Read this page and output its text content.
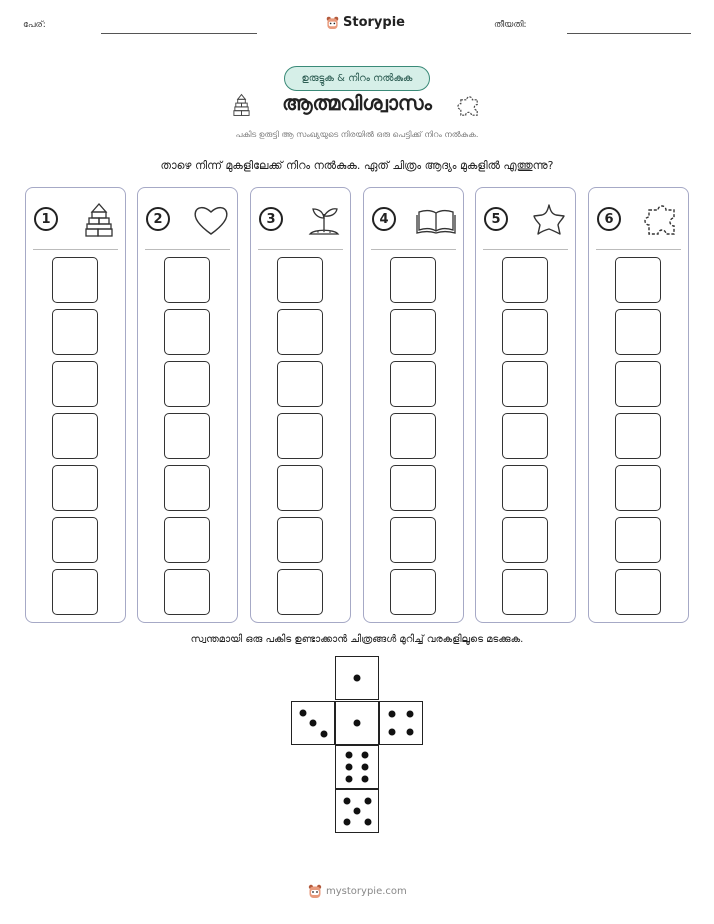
പേര്:	Storypie	തീയതി:
ഉരുട്ടുക & നിറം നൽകുക
ആത്മവിശ്വാസം
പകിട ഉരുട്ടി ആ സംഖ്യയുടെ നിരയിൽ ഒരു പെട്ടിക്ക് നിറം നൽകുക.
താഴെ നിന്ന് മുകളിലേക്ക് നിറം നൽകുക. ഏത് ചിത്രം ആദ്യം മുകളിൽ എത്തുന്നു?
1	2	3	4	5	6
സ്വന്തമായി ഒരു പകിട ഉണ്ടാക്കാൻ ചിത്രങ്ങൾ മുറിച്ച് വരകളിലൂടെ മടക്കുക.
mystorypie.com
